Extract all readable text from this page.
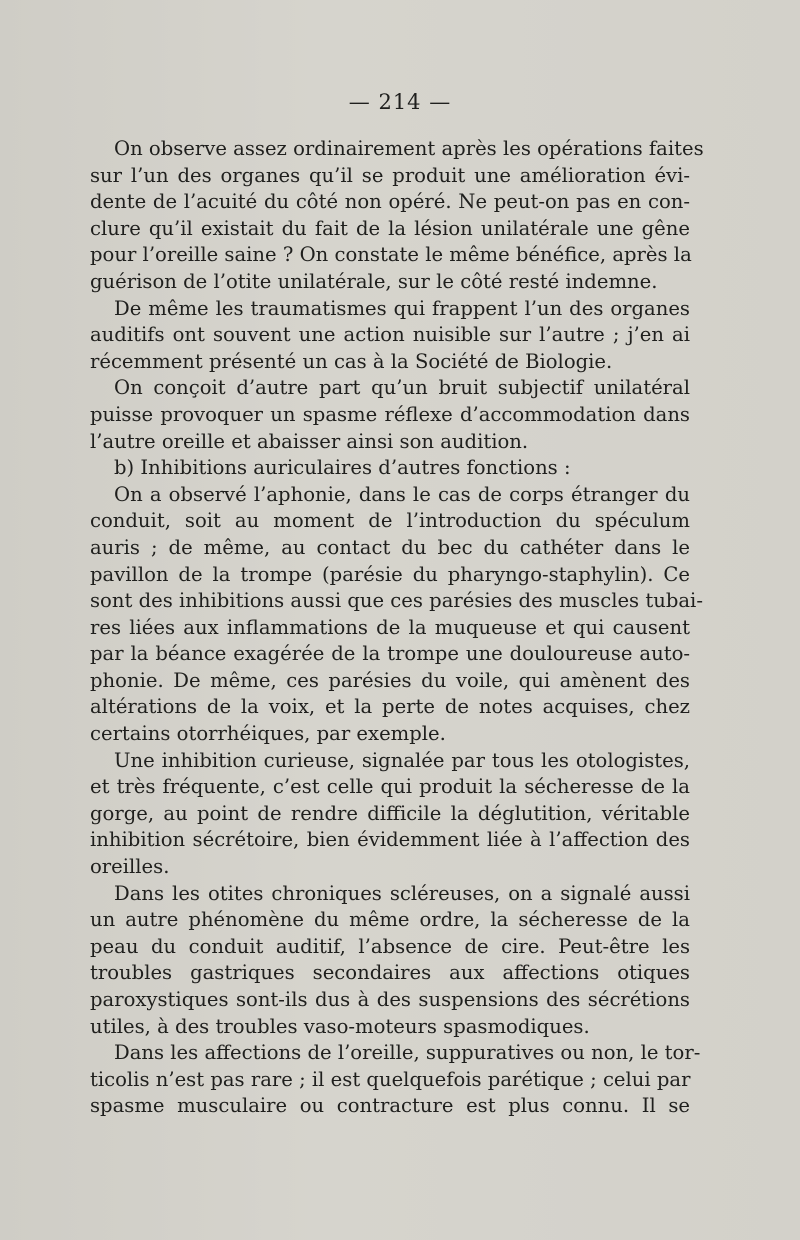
— 214 —
On observe assez ordinairement après les opérations faites
sur l’un des organes qu’il se produit une amélioration évi-
dente de l’acuité du côté non opéré. Ne peut-on pas en con-
clure qu’il existait du fait de la lésion unilatérale une gêne
pour l’oreille saine ? On constate le même bénéfice, après la
guérison de l’otite unilatérale, sur le côté resté indemne.
De même les traumatismes qui frappent l’un des organes
auditifs ont souvent une action nuisible sur l’autre ; j’en ai
récemment présenté un cas à la Société de Biologie.
On conçoit d’autre part qu’un bruit subjectif unilatéral
puisse provoquer un spasme réflexe d’accommodation dans
l’autre oreille et abaisser ainsi son audition.
b) Inhibitions auriculaires d’autres fonctions :
On a observé l’aphonie, dans le cas de corps étranger du
conduit, soit au moment de l’introduction du spéculum
auris ; de même, au contact du bec du cathéter dans le
pavillon de la trompe (parésie du pharyngo-staphylin). Ce
sont des inhibitions aussi que ces parésies des muscles tubai-
res liées aux inflammations de la muqueuse et qui causent
par la béance exagérée de la trompe une douloureuse auto-
phonie. De même, ces parésies du voile, qui amènent des
altérations de la voix, et la perte de notes acquises, chez
certains otorrhéiques, par exemple.
Une inhibition curieuse, signalée par tous les otologistes,
et très fréquente, c’est celle qui produit la sécheresse de la
gorge, au point de rendre difficile la déglutition, véritable
inhibition sécrétoire, bien évidemment liée à l’affection des
oreilles.
Dans les otites chroniques scléreuses, on a signalé aussi
un autre phénomène du même ordre, la sécheresse de la
peau du conduit auditif, l’absence de cire. Peut-être les
troubles gastriques secondaires aux affections otiques
paroxystiques sont-ils dus à des suspensions des sécrétions
utiles, à des troubles vaso-moteurs spasmodiques.
Dans les affections de l’oreille, suppuratives ou non, le tor-
ticolis n’est pas rare ; il est quelquefois parétique ; celui par
spasme musculaire ou contracture est plus connu. Il se
